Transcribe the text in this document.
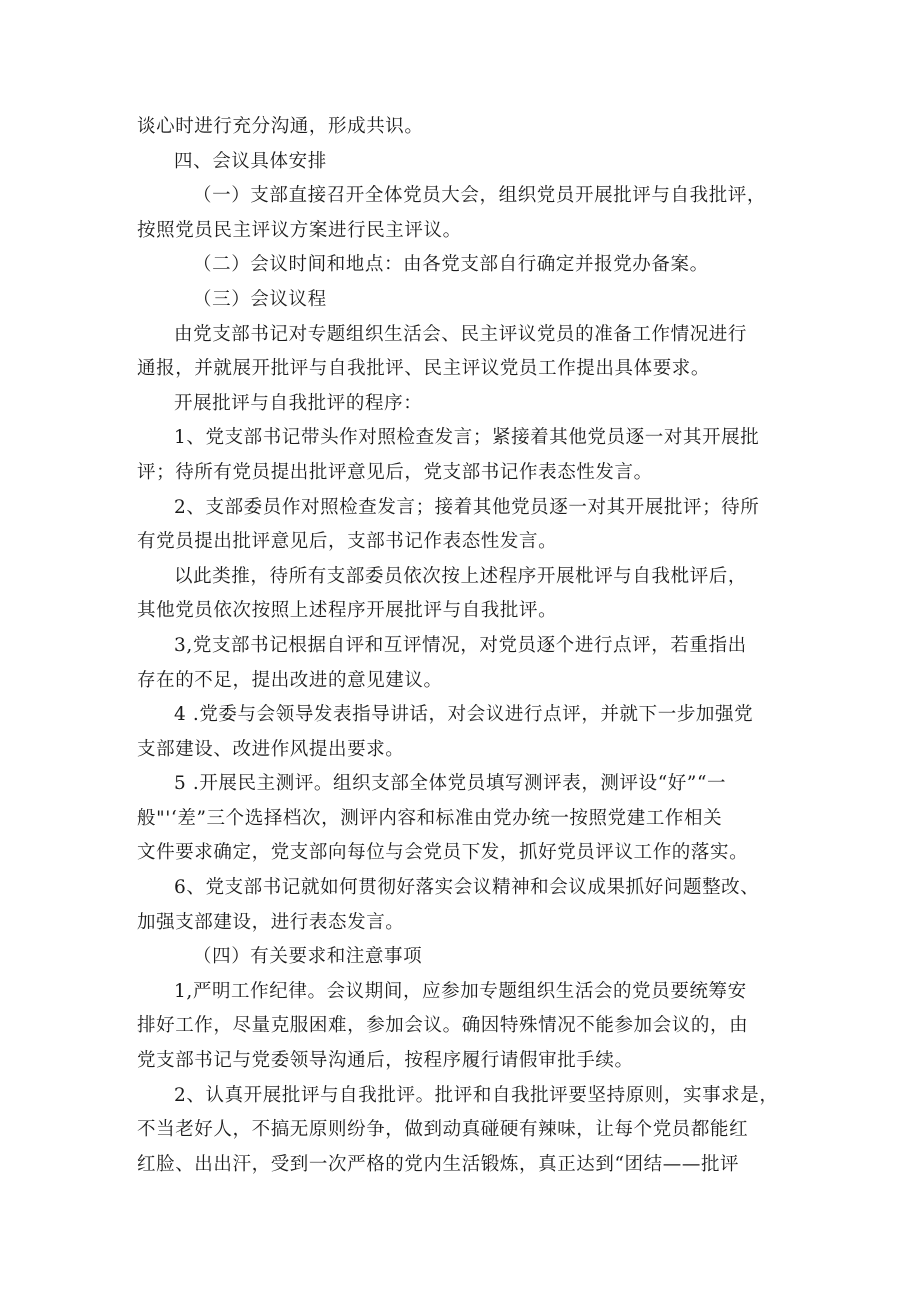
谈心时进行充分沟通，形成共识。
四、会议具体安排
（一）支部直接召开全体党员大会，组织党员开展批评与自我批评，
按照党员民主评议方案进行民主评议。
（二）会议时间和地点：由各党支部自行确定并报党办备案。
（三）会议议程
由党支部书记对专题组织生活会、民主评议党员的准备工作情况进行
通报，并就展开批评与自我批评、民主评议党员工作提出具体要求。
开展批评与自我批评的程序：
1、党支部书记带头作对照检查发言；紧接着其他党员逐一对其开展批
评；待所有党员提出批评意见后，党支部书记作表态性发言。
2、支部委员作对照检查发言；接着其他党员逐一对其开展批评；待所
有党员提出批评意见后，支部书记作表态性发言。
以此类推，待所有支部委员依次按上述程序开展枇评与自我枇评后，
其他党员依次按照上述程序开展批评与自我批评。
3,党支部书记根据自评和互评情况，对党员逐个进行点评，若重指出
存在的不足，提出改进的意见建议。
4 .党委与会领导发表指导讲话，对会议进行点评，并就下一步加强党
支部建设、改进作风提出要求。
5 .开展民主测评。组织支部全体党员填写测评表，测评设“好”“一
般"'‘差”三个选择档次，测评内容和标准由党办统一按照党建工作相关
文件要求确定，党支部向每位与会党员下发，抓好党员评议工作的落实。
6、党支部书记就如何贯彻好落实会议精神和会议成果抓好问题整改、
加强支部建设，进行表态发言。
（四）有关要求和注意事项
1,严明工作纪律。会议期间，应参加专题组织生活会的党员要统筹安
排好工作，尽量克服困难，参加会议。确因特殊情况不能参加会议的，由
党支部书记与党委领导沟通后，按程序履行请假审批手续。
2、认真开展批评与自我批评。批评和自我批评要坚持原则，实事求是，
不当老好人，不搞无原则纷争，做到动真碰硬有辣味，让每个党员都能红
红脸、出出汗，受到一次严格的党内生活锻炼，真正达到“团结——批评
